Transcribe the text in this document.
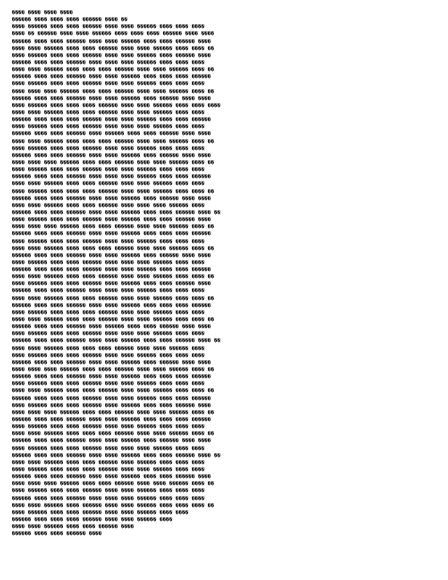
���� ���� ���� ����
������ ���� ���� ���� ������ ���� ��
���� ������ ���� ���� ������ ���� ���� ������ ���� ���� ����
���� �� ������ ���� ���� ������ ���� ���� ���� ������ ���� ����
������ ���� ���� ������ ���� ���� ������ ���� ���� ������ ����
���� ���� ������ ���� ���� ������ ���� ���� ������ ���� ���� ��
���� ������ ���� ���� ������ ���� ���� ������ ���� ������ ����
������ ���� ���� ������ ���� ���� ���� ������ ���� ���� ����
���� ���� ������ ���� ���� ���� ������ ���� ���� ������ ���� ��
������ ���� ���� ������ ���� ���� ������ ���� ���� ���� ������
���� ������ ���� ���� ������ ���� ���� ������ ���� ���� ����
���� ���� ���� ������ ���� ���� ������ ���� ���� ������ ���� ��
������ ���� ���� ������ ���� ���� ������ ���� ������ ���� ����
���� ������ ���� ���� ���� ������ ���� ���� ������ ���� ���� ����
���� ���� ������ ���� ���� ������ ���� ���� ������ ���� ����
������ ���� ���� ���� ������ ���� ���� ������ ���� ���� ������
���� ������ ���� ���� ������ ���� ���� ���� ������ ���� ����
������ ���� ���� ������ ���� ������ ���� ���� ������ ���� ����
���� ���� ������ ���� ���� ���� ������ ���� ���� ������ ���� ��
���� ������ ���� ���� ������ ���� ���� ������ ���� ���� ����
������ ���� ���� ������ ���� ���� ������ ���� ������ ���� ����
���� ���� ���� ������ ���� ���� ������ ���� ���� ������ ���� ��
���� ������ ���� ���� ������ ���� ���� ������ ���� ���� ����
������ ���� ���� ������ ���� ���� ���� ������ ���� ���� ������
���� ���� ������ ���� ���� ������ ���� ���� ������ ���� ����
���� ������ ���� ���� ���� ������ ���� ���� ������ ���� ���� ��
������ ���� ���� ������ ���� ���� ������ ���� ������ ���� ����
���� ���� ������ ���� ���� ������ ���� ���� ���� ������ ����
������ ���� ���� ������ ���� ���� ������ ���� ���� ������ ���� ��
���� ������ ���� ���� ������ ���� ������ ���� ���� ������ ����
���� ���� ���� ������ ���� ���� ������ ���� ���� ������ ���� ��
������ ���� ���� ������ ���� ���� ������ ���� ���� ���� ������
���� ������ ���� ���� ������ ���� ���� ������ ���� ���� ����
���� ���� ������ ���� ���� ���� ������ ���� ���� ������ ���� ��
������ ���� ���� ������ ���� ���� ������ ���� ������ ���� ����
���� ������ ���� ���� ������ ���� ���� ���� ������ ���� ����
������ ���� ���� ���� ������ ���� ���� ������ ���� ���� ������
���� ���� ������ ���� ���� ������ ���� ���� ������ ���� ���� ��
���� ������ ���� ���� ������ ���� ������ ���� ���� ������ ����
������ ���� ���� ������ ���� ���� ���� ������ ���� ���� ����
���� ���� ������ ���� ���� ������ ���� ���� ������ ���� ���� ��
������ ���� ���� ������ ���� ���� ������ ���� ���� ���� ������
���� ������ ���� ���� ���� ������ ���� ���� ������ ���� ����
���� ���� ������ ���� ���� ������ ���� ���� ������ ���� ���� ��
������ ���� ���� ������ ���� ������ ���� ���� ������ ���� ����
���� ������ ���� ���� ������ ���� ���� ���� ������ ���� ����
������ ���� ���� ������ ���� ���� ������ ���� ���� ������ ���� ��
���� ���� ������ ���� ���� ���� ������ ���� ���� ������ ����
���� ������ ���� ���� ������ ���� ���� ������ ���� ���� ����
������ ���� ���� ������ ���� ���� ������ ���� ������ ���� ����
���� ���� ���� ������ ���� ���� ������ ���� ���� ������ ���� ��
������ ���� ���� ������ ���� ���� ������ ���� ���� ���� ������
���� ������ ���� ���� ������ ���� ���� ������ ���� ���� ����
���� ���� ������ ���� ���� ������ ���� ���� ������ ���� ���� ��
������ ���� ���� ���� ������ ���� ���� ������ ���� ���� ������
���� ������ ���� ���� ������ ���� ������ ���� ���� ������ ����
���� ���� ���� ������ ���� ���� ������ ���� ���� ������ ���� ��
������ ���� ���� ������ ���� ���� ������ ���� ���� ���� ������
���� ������ ���� ���� ������ ���� ���� ������ ���� ���� ����
���� ���� ������ ���� ���� ���� ������ ���� ���� ������ ���� ��
������ ���� ���� ������ ���� ���� ������ ���� ������ ���� ����
���� ������ ���� ���� ������ ���� ���� ���� ������ ���� ����
������ ���� ���� ������ ���� ���� ������ ���� ���� ������ ���� ��
���� ���� ������ ���� ���� ������ ���� ������ ���� ���� ����
���� ������ ���� ���� ���� ������ ���� ���� ������ ���� ����
������ ���� ���� ������ ���� ���� ������ ���� ���� ������ ����
���� ���� ���� ������ ���� ���� ������ ���� ���� ������ ���� ��
���� ������ ���� ���� ������ ���� ���� ������ ���� ���� ����
������ ���� ���� ������ ���� ���� ���� ������ ���� ���� ����
���� ���� ������ ���� ������ ���� ���� ������ ���� ���� ���� ��
���� ������ ���� ���� ������ ���� ���� ������ ���� ����
������ ���� ���� ���� ������ ���� ���� ������ ����
���� ���� ������ ���� ���� ������ ����
������ ���� ���� ������ ����
